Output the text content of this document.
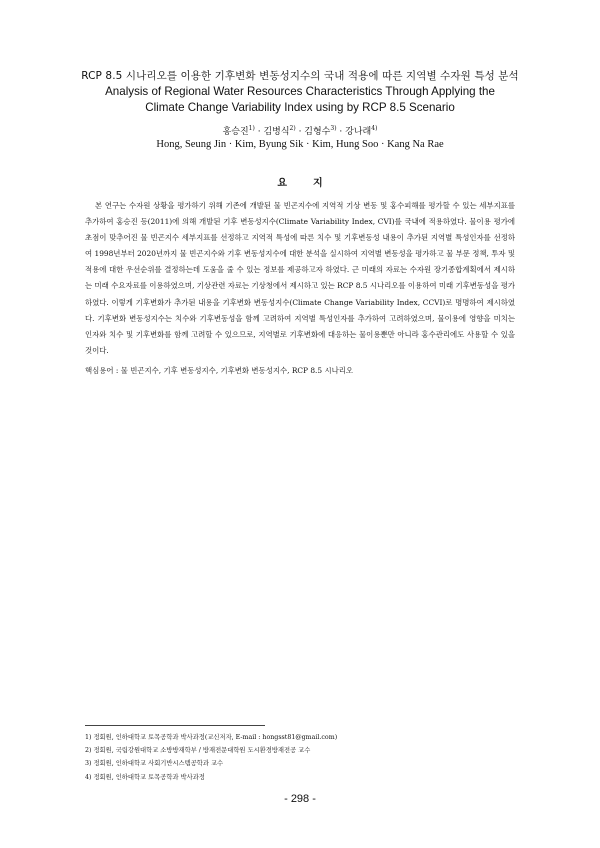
RCP 8.5 시나리오를 이용한 기후변화 변동성지수의 국내 적용에 따른 지역별 수자원 특성 분석
Analysis of Regional Water Resources Characteristics Through Applying the
Climate Change Variability Index using by RCP 8.5 Scenario
홍승진$^{1)}$ · 김병식$^{2)}$ · 김형수$^{3)}$ · 강나래$^{4)}$
Hong, Seung Jin · Kim, Byung Sik · Kim, Hung Soo · Kang Na Rae
요지

본 연구는 수자원 상황을 평가하기 위해 기존에 개발된 물 빈곤지수에 지역적 기상 변동 및 홍수피해를 평가할 수 있는 세부지표를 추가하여 홍승진 등(2011)에 의해 개발된 기후 변동성지수(Climate Variability Index, CVI)를 국내에 적용하였다. 물이용 평가에 초점이 맞추어진 물 빈곤지수 세부지표를 선정하고 지역적 특성에 따른 치수 및 기후변동성 내용이 추가된 지역별 특성인자를 선정하여 1998년부터 2020년까지 물 빈곤지수와 기후 변동성지수에 대한 분석을 실시하여 지역별 변동성을 평가하고 물 부문 정책, 투자 및 적용에 대한 우선순위를 결정하는데 도움을 줄 수 있는 정보를 제공하고자 하였다. 근 미래의 자료는 수자원 장기종합계획에서 제시하는 미래 수요자료를 이용하였으며, 기상관련 자료는 기상청에서 제시하고 있는 RCP 8.5 시나리오를 이용하여 미래 기후변동성을 평가하였다. 이렇게 기후변화가 추가된 내용을 기후변화 변동성지수(Climate Change Variability Index, CCVI)로 명명하여 제시하였다. 기후변화 변동성지수는 치수와 기후변동성을 함께 고려하여 지역별 특성인자를 추가하여 고려하였으며, 물이용에 영향을 미치는 인자와 치수 및 기후변화를 함께 고려할 수 있으므로, 지역별로 기후변화에 대응하는 물이용뿐만 아니라 홍수관리에도 사용할 수 있을 것이다.

핵심용어 : 물 빈곤지수, 기후 변동성지수, 기후변화 변동성지수, RCP 8.5 시나리오
1) 정회원, 인하대학교 토목공학과 박사과정(교신저자, E-mail : hongsst81@gmail.com)
2) 정회원, 국립강원대학교 소방방재학부 / 방재전문대학원 도시환경방재전공 교수
3) 정회원, 인하대학교 사회기반시스템공학과 교수
4) 정회원, 인하대학교 토목공학과 박사과정
- 298 -
